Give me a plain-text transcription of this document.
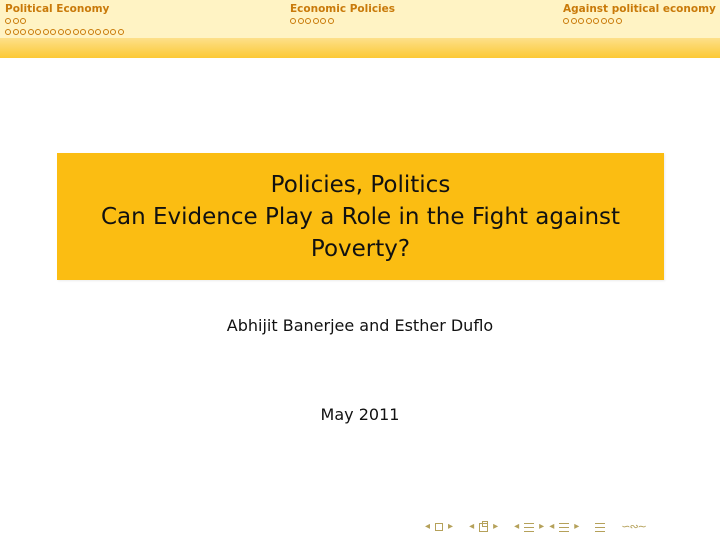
Political Economy	Economic Policies	Against political economy
Policies, Politics
Can Evidence Play a Role in the Fight against
Poverty?
Abhijit Banerjee and Esther Duflo
May 2011
◂ ▸ ◂ ▸ ◂ ▸ ◂ ▸	∽∾∼
